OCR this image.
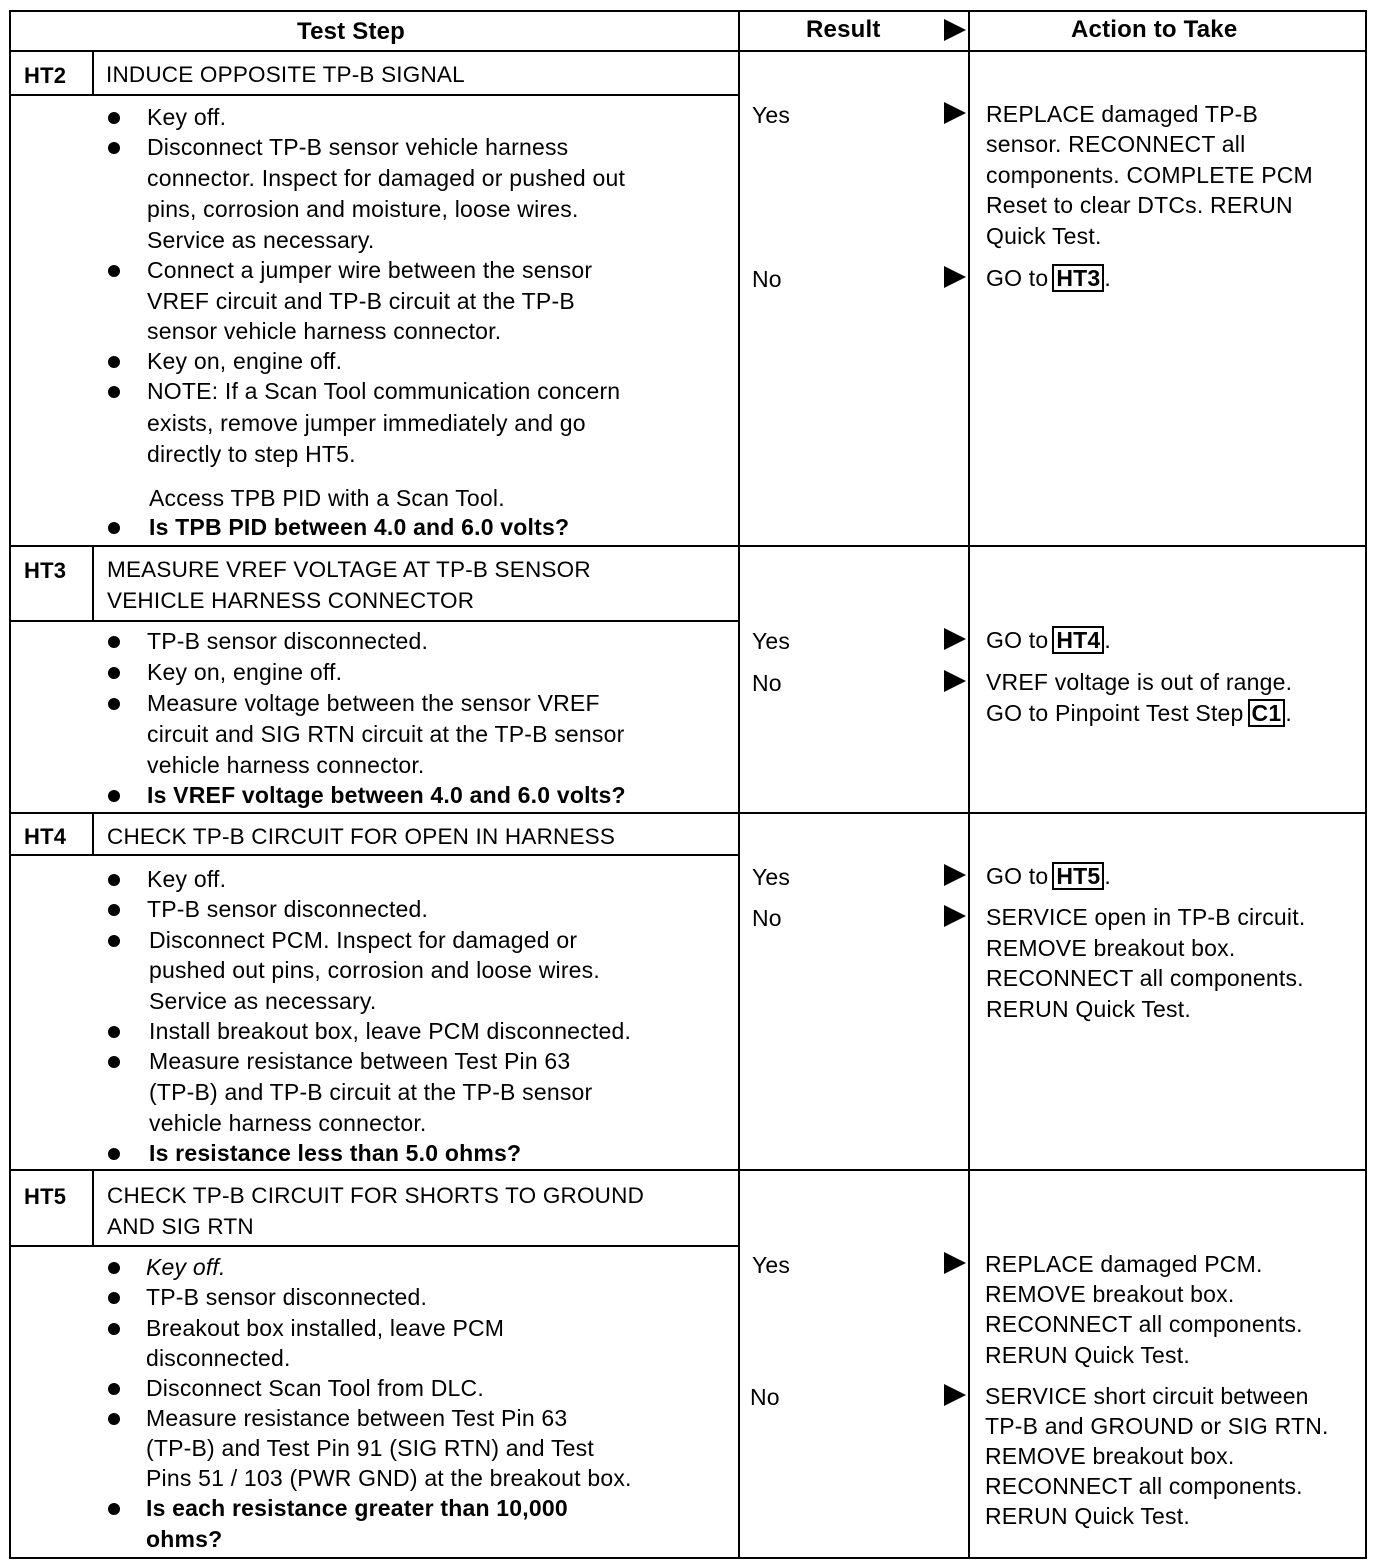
Test Step	Result	Action to Take
HT2 INDUCE OPPOSITE TP-B SIGNAL
Key off.
Disconnect TP-B sensor vehicle harness
connector. Inspect for damaged or pushed out
pins, corrosion and moisture, loose wires.
Service as necessary.
Connect a jumper wire between the sensor
VREF circuit and TP-B circuit at the TP-B
sensor vehicle harness connector.
Key on, engine off.
NOTE: If a Scan Tool communication concern
exists, remove jumper immediately and go
directly to step HT5.
Access TPB PID with a Scan Tool.
Is TPB PID between 4.0 and 6.0 volts?
Yes
No
REPLACE damaged TP-B
sensor. RECONNECT all
components. COMPLETE PCM
Reset to clear DTCs. RERUN
Quick Test.
GO to HT3 .
HT3 MEASURE VREF VOLTAGE AT TP-B SENSOR
VEHICLE HARNESS CONNECTOR
TP-B sensor disconnected.
Key on, engine off.
Measure voltage between the sensor VREF
circuit and SIG RTN circuit at the TP-B sensor
vehicle harness connector.
Is VREF voltage between 4.0 and 6.0 volts?
Yes
No
GO to HT4 .
VREF voltage is out of range.
GO to Pinpoint Test Step C1 .
HT4 CHECK TP-B CIRCUIT FOR OPEN IN HARNESS
Key off.
TP-B sensor disconnected.
Disconnect PCM. Inspect for damaged or
pushed out pins, corrosion and loose wires.
Service as necessary.
Install breakout box, leave PCM disconnected.
Measure resistance between Test Pin 63
(TP-B) and TP-B circuit at the TP-B sensor
vehicle harness connector.
Is resistance less than 5.0 ohms?
Yes
No
GO to HT5 .
SERVICE open in TP-B circuit.
REMOVE breakout box.
RECONNECT all components.
RERUN Quick Test.
HT5 CHECK TP-B CIRCUIT FOR SHORTS TO GROUND
AND SIG RTN
Key off.
TP-B sensor disconnected.
Breakout box installed, leave PCM
disconnected.
Disconnect Scan Tool from DLC.
Measure resistance between Test Pin 63
(TP-B) and Test Pin 91 (SIG RTN) and Test
Pins 51 / 103 (PWR GND) at the breakout box.
Is each resistance greater than 10,000
ohms?
Yes
No
REPLACE damaged PCM.
REMOVE breakout box.
RECONNECT all components.
RERUN Quick Test.
SERVICE short circuit between
TP-B and GROUND or SIG RTN.
REMOVE breakout box.
RECONNECT all components.
RERUN Quick Test.
